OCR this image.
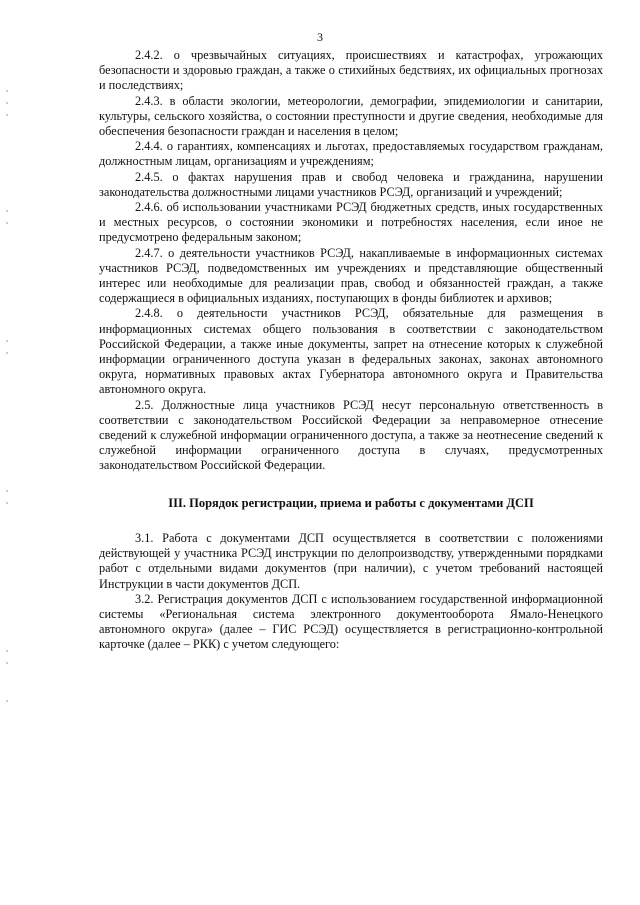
3

2.4.2. о чрезвычайных ситуациях, происшествиях и катастрофах, угрожающих безопасности и здоровью граждан, а также о стихийных бедствиях, их официальных прогнозах и последствиях;

2.4.3. в области экологии, метеорологии, демографии, эпидемиологии и санитарии, культуры, сельского хозяйства, о состоянии преступности и другие сведения, необходимые для обеспечения безопасности граждан и населения в целом;

2.4.4. о гарантиях, компенсациях и льготах, предоставляемых государством гражданам, должностным лицам, организациям и учреждениям;

2.4.5. о фактах нарушения прав и свобод человека и гражданина, нарушении законодательства должностными лицами участников РСЭД, организаций и учреждений;

2.4.6. об использовании участниками РСЭД бюджетных средств, иных государственных и местных ресурсов, о состоянии экономики и потребностях населения, если иное не предусмотрено федеральным законом;

2.4.7. о деятельности участников РСЭД, накапливаемые в информационных системах участников РСЭД, подведомственных им учреждениях и представляющие общественный интерес или необходимые для реализации прав, свобод и обязанностей граждан, а также содержащиеся в официальных изданиях, поступающих в фонды библиотек и архивов;

2.4.8. о деятельности участников РСЭД, обязательные для размещения в информационных системах общего пользования в соответствии с законодательством Российской Федерации, а также иные документы, запрет на отнесение которых к служебной информации ограниченного доступа указан в федеральных законах, законах автономного округа, нормативных правовых актах Губернатора автономного округа и Правительства автономного округа.

2.5. Должностные лица участников РСЭД несут персональную ответственность в соответствии с законодательством Российской Федерации за неправомерное отнесение сведений к служебной информации ограниченного доступа, а также за неотнесение сведений к служебной информации ограниченного доступа в случаях, предусмотренных законодательством Российской Федерации.

III. Порядок регистрации, приема и работы с документами ДСП

3.1. Работа с документами ДСП осуществляется в соответствии с положениями действующей у участника РСЭД инструкции по делопроизводству, утвержденными порядками работ с отдельными видами документов (при наличии), с учетом требований настоящей Инструкции в части документов ДСП.

3.2. Регистрация документов ДСП с использованием государственной информационной системы «Региональная система электронного документооборота Ямало-Ненецкого автономного округа» (далее – ГИС РСЭД) осуществляется в регистрационно-контрольной карточке (далее – РКК) с учетом следующего:
